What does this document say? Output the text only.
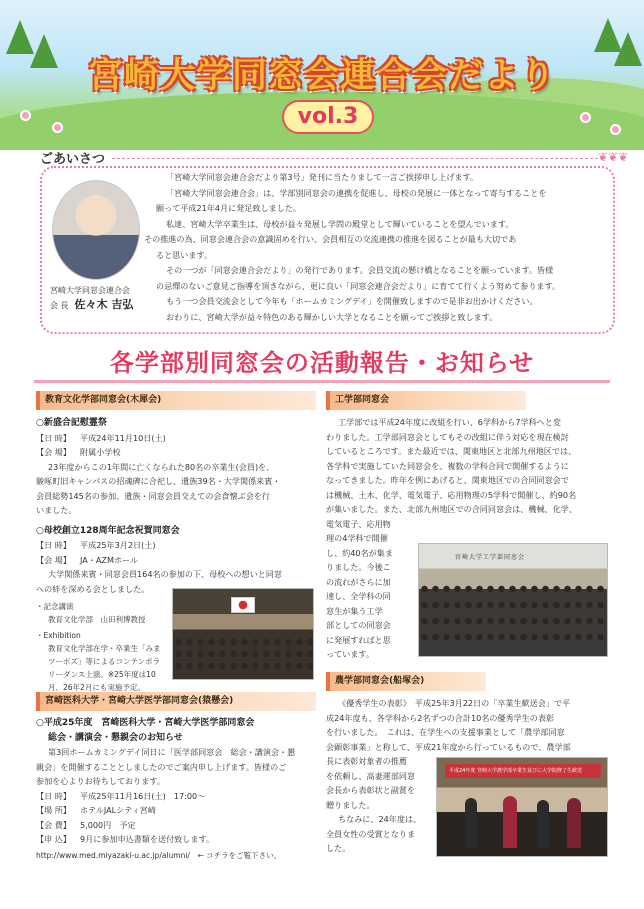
宮崎大学同窓会連合会だより
vol.3
ごあいさつ	❦❦❦
宮崎大学同窓会連合会
会 長 佐々木 吉弘

「宮崎大学同窓会連合会だより第3号」発刊に当たりまして一言ご挨拶申し上げます。

「宮崎大学同窓会連合会」は、学部別同窓会の連携を促進し、母校の発展に一体となって寄与することを

願って平成21年4月に発足致しました。

私達、宮崎大学卒業生は、母校が益々発展し学問の殿堂として輝いていることを望んでいます。

その推進の為、同窓会連合会の意識固めを行い、会員相互の交流連携の推進を図ることが最も大切であ

ると思います。

その一つが「同窓会連合会だより」の発行であります。会員交流の懸け橋となることを願っています。皆様

の忌憚のないご意見ご指導を頂きながら、更に良い「同窓会連合会だより」に育てて行くよう努めて参ります。

もう一つ会員交流会として今年も「ホームカミングデイ」を開催致しますので是非お出かけください。

おわりに、宮崎大学が益々特色のある輝かしい大学となることを願ってご挨拶と致します。

各学部別同窓会の活動報告・お知らせ
教育文化学部同窓会(木犀会)

○新盛合記慰霊祭

【日 時】	平成24年11月10日(土)

【会 場】	附属小学校

23年度からこの1年間に亡くなられた80名の卒業生(会員)を、

駿啄町旧キャンパスの招魂碑に合祀し、遺族39名・大学関係来賓・

会員総勢145名の参加、遺族・同窓会員交えての会食懐ぶ会を行

いました。

○母校創立128周年記念祝賀同窓会

【日 時】	平成25年3月2日(土)

【会 場】	JA・AZMホール

大学関係来賓・同窓会員164名の参加の下、母校への想いと同窓

への絆を深める会としました。

・記念講演

教育文化学部　山田利博教授

・Exhibition

教育文化学部在学・卒業生「みま

ツーボズ」等によるコンテンポラ

リーダンス上演。※25年度は10

月、26年2月にも実施予定。

宮崎医科大学・宮崎大学医学部同窓会(猿懸会)

○平成25年度　宮崎医科大学・宮崎大学医学部同窓会

総会・講演会・懇親会のお知らせ

第3回ホームカミングデイ同日に「医学部同窓会　総会・講演会・懇

親会」を開催することとしましたのでご案内申し上げます。皆様のご

参加を心よりお待ちしております。

【日 時】	平成25年11月16日(土)　17:00〜

【場 所】	ホテルJALシティ宮崎

【会 費】	5,000円　予定

【申 込】	9月に参加申込書類を送付致します。

http://www.med.miyazaki-u.ac.jp/alumni/　 ← コチラをご覧下さい。

工学部同窓会

工学部では平成24年度に改組を行い、6学科から7学科へと変

わりました。工学部同窓会としてもその改組に伴う対応を現在検討

しているところです。また最近では、関東地区と北部九州地区では、

各学科で実施していた同窓会を、複数の学科合同で開催するように

なってきました。昨年を例にあげると、関東地区での合同同窓会で

は機械、土木、化学、電気電子、応用物理の5学科で開催し、約90名

が集いました。また、北部九州地区での合同同窓会は、機械、化学、

電気電子、応用物

理の4学科で開催

し、約40名が集ま

りました。今後こ

の流れがさらに加

速し、全学科の同

窓生が集う工学

部としての同窓会

に発展すればと思

っています。

宮崎大学工学部同窓会
農学部同窓会(船塚会)

《優秀学生の表彰》　平成25年3月22日の「卒業生歓送会」で平

成24年度も、各学科から2名ずつの合計10名の優秀学生の表彰

を行いました。　これは、在学生への支援事業として「農学部同窓

会顕彰事業」と称して、平成21年度から行っているもので、農学部

長に表彰対象者の推薦

を依頼し、高妻運部同窓

会長から表彰状と副賞を

贈りました。

ちなみに、24年度は、

全員女性の受賞となりま

した。

平成24年度 宮崎大学農学部卒業生並びに大学院修了生歓送
